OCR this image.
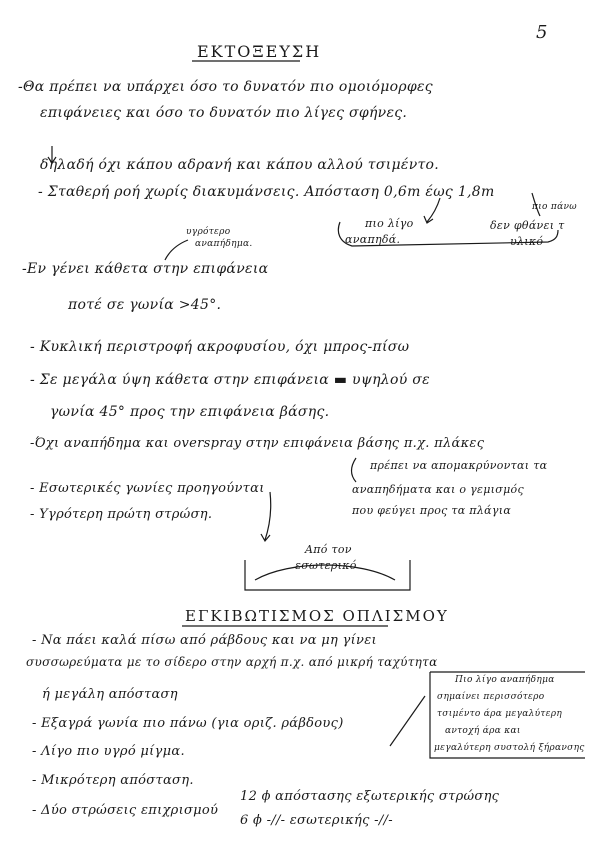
5
ΕΚΤΟΞΕΥΣΗ
-Θα πρέπει να υπάρχει όσο το δυνατόν πιο ομοιόμορφες
επιφάνειες και όσο το δυνατόν πιο λίγες σφήνες.
δηλαδή όχι κάπου αδρανή και κάπου αλλού τσιμέντο.
- Σταθερή ροή χωρίς διακυμάνσεις. Απόσταση 0,6m έως 1,8m
πιο λίγο
αναπηδά.
πιο πάνω
δεν φθάνει τ
υλικό
υγρότερο
αναπήδημα.
-Εν γένει κάθετα στην επιφάνεια
ποτέ σε γωνία >45°.
- Κυκλική περιστροφή ακροφυσίου, όχι μπρος-πίσω
- Σε μεγάλα ύψη κάθετα στην επιφάνεια ▬ υψηλού σε
γωνία 45° προς την επιφάνεια βάσης.
-Όχι αναπήδημα και overspray στην επιφάνεια βάσης π.χ. πλάκες
- Εσωτερικές γωνίες προηγούνται
- Υγρότερη πρώτη στρώση.
πρέπει να απομακρύνονται τα
αναπηδήματα και ο γεμισμός
που φεύγει προς τα πλάγια
Από τον
εσωτερικό
ΕΓΚΙΒΩΤΙΣΜΟΣ ΟΠΛΙΣΜΟΥ
- Να πάει καλά πίσω από ράβδους και να μη γίνει
συσσωρεύματα με το σίδερο στην αρχή π.χ. από μικρή ταχύτητα
ή μεγάλη απόσταση
- Εξαγρά γωνία πιο πάνω (για οριζ. ράβδους)
- Λίγο πιο υγρό μίγμα.
- Μικρότερη απόσταση.
- Δύο στρώσεις επιχρισμού
12 ϕ απόστασης εξωτερικής στρώσης
6 ϕ -//- εσωτερικής -//-
Πιο λίγο αναπήδημα
σημαίνει περισσότερο
τσιμέντο άρα μεγαλύτερη
αντοχή άρα και
μεγαλύτερη συστολή ξήρανσης
